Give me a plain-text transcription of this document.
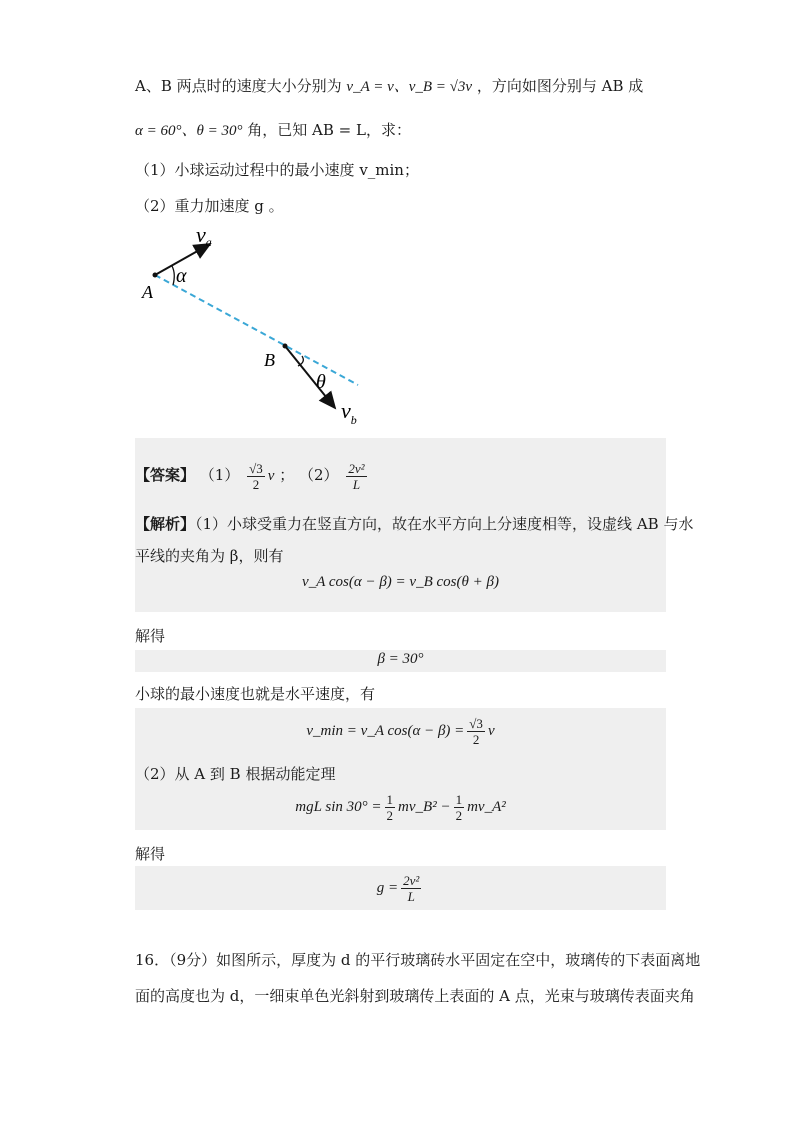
A、B 两点时的速度大小分别为 v_A = v、v_B = √3v ，方向如图分别与 AB 成
α = 60°、θ = 30° 角，已知 AB = L，求：
（1）小球运动过程中的最小速度 v_min；
（2）重力加速度 g 。
A
B
α
θ
va
$v_b$
【答案】 $(1) \frac{√3}{2}$ v ； $(2) \frac{\text{2v²}}{L}$
【解析】（1）小球受重力在竖直方向，故在水平方向上分速度相等，设虚线 AB 与水
平线的夹角为 β，则有
v_A cos(α − β) = v_B cos(θ + β)
解得
β = 30°
小球的最小速度也就是水平速度，有
v_min = v_A $\cos(\alpha - \beta) = \frac{√3}{2}$ v
（2）从 A 到 B 根据动能定理
mgL $\sin 30^\circ = \frac{1}{2}$ mv_B² − $\frac{1}{2}$ mv_A²
解得
$g = \frac{\text{2v²}}{L}$
16．（9分）如图所示，厚度为 d 的平行玻璃砖水平固定在空中，玻璃传的下表面离地
面的高度也为 d，一细束单色光斜射到玻璃传上表面的 A 点，光束与玻璃传表面夹角
